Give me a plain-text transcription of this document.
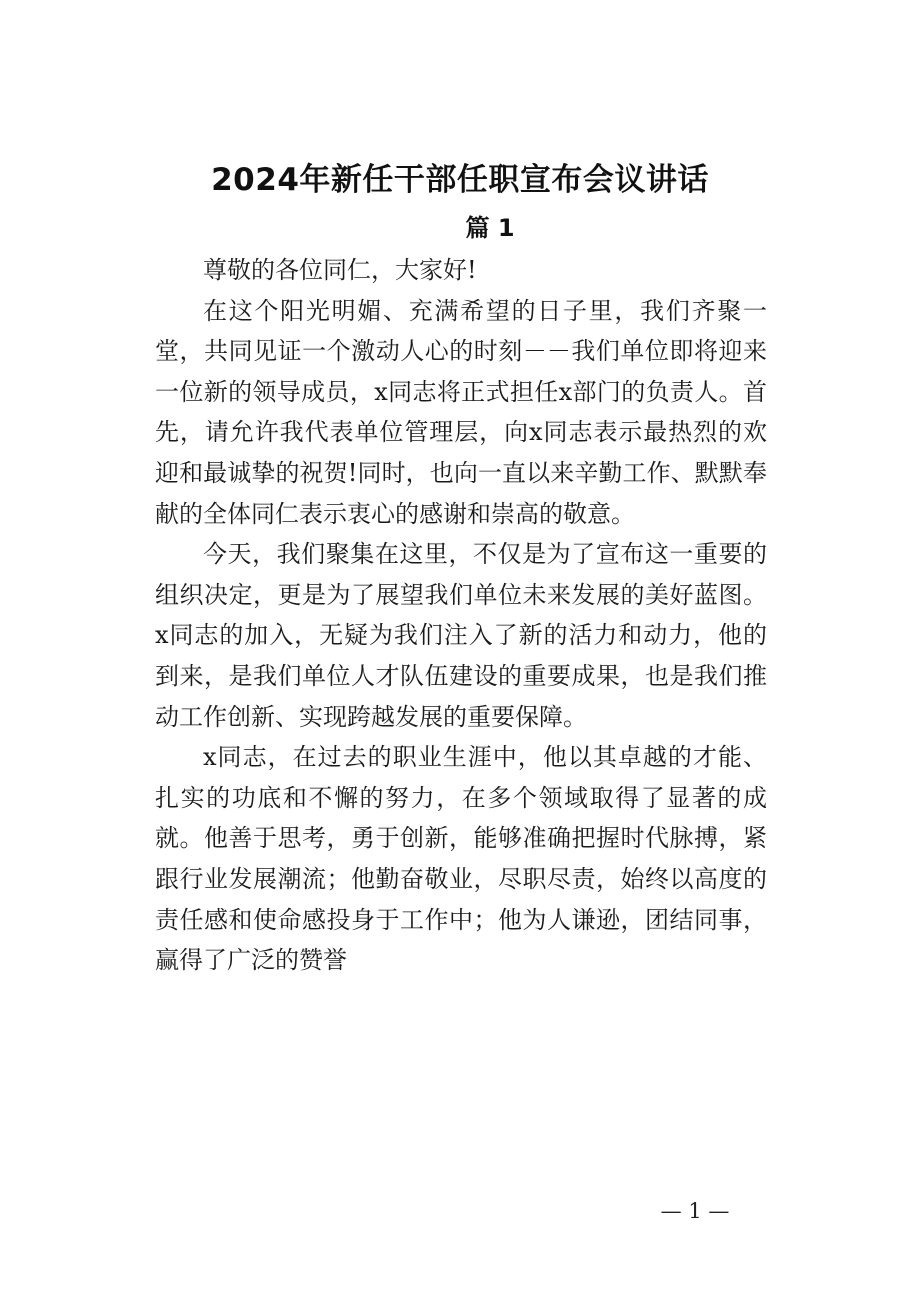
2024年新任干部任职宣布会议讲话
篇 1

尊敬的各位同仁，大家好!

在这个阳光明媚、充满希望的日子里，我们齐聚一堂，共同见证一个激动人心的时刻－－我们单位即将迎来一位新的领导成员，x同志将正式担任x部门的负责人。首先，请允许我代表单位管理层，向x同志表示最热烈的欢迎和最诚挚的祝贺!同时，也向一直以来辛勤工作、默默奉献的全体同仁表示衷心的感谢和崇高的敬意。

今天，我们聚集在这里，不仅是为了宣布这一重要的组织决定，更是为了展望我们单位未来发展的美好蓝图。x同志的加入，无疑为我们注入了新的活力和动力，他的到来，是我们单位人才队伍建设的重要成果，也是我们推动工作创新、实现跨越发展的重要保障。

x同志，在过去的职业生涯中，他以其卓越的才能、扎实的功底和不懈的努力，在多个领域取得了显著的成就。他善于思考，勇于创新，能够准确把握时代脉搏，紧跟行业发展潮流；他勤奋敬业，尽职尽责，始终以高度的责任感和使命感投身于工作中；他为人谦逊，团结同事，赢得了广泛的赞誉

— 1 —
